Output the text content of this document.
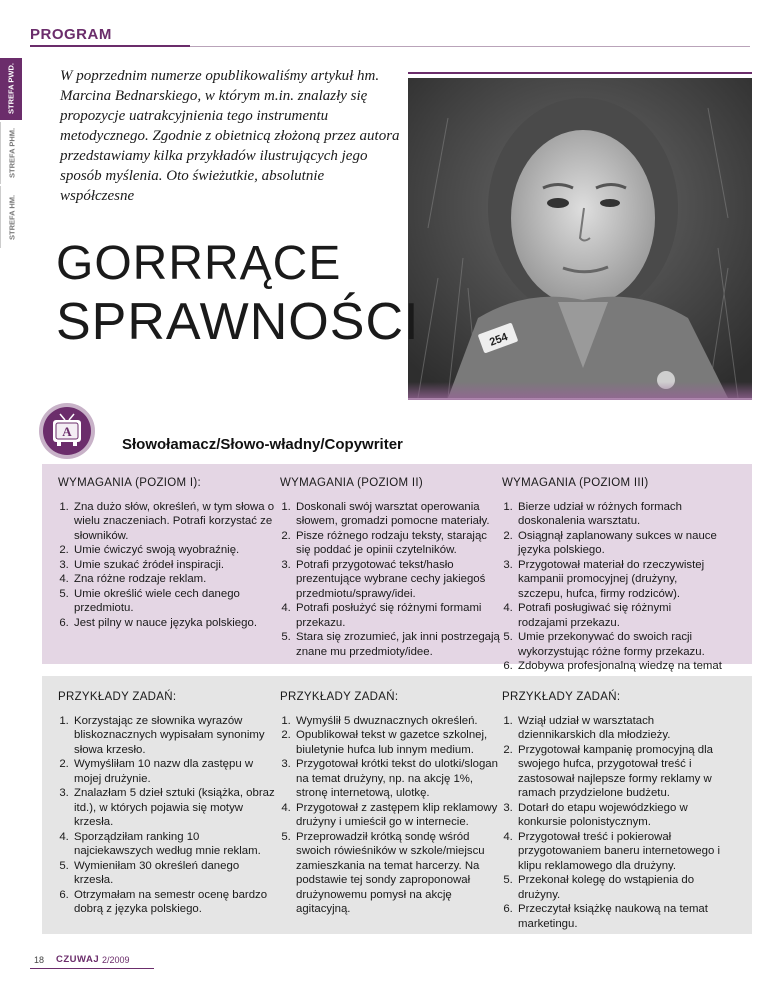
PROGRAM
STREFA PWD.
STREFA PHM.
STREFA HM.
W poprzednim numerze opublikowaliśmy artykuł hm. Marcina Bednarskiego, w którym m.in. znalazły się propozycje uatrakcyjnienia tego instrumentu metodycznego. Zgodnie z obietnicą złożoną przez autora przedstawiamy kilka przykładów ilustrujących jego sposób myślenia. Oto świeżutkie, absolutnie współczesne
254
GORRRĄCE
SPRAWNOŚCI
A
Słowołamacz/Słowo-władny/Copywriter
WYMAGANIA (POZIOM I):
1. Zna dużo słów, określeń, w tym słowa o wielu znaczeniach. Potrafi korzystać ze słowników.
2. Umie ćwiczyć swoją wyobraźnię.
3. Umie szukać źródeł inspiracji.
4. Zna różne rodzaje reklam.
5. Umie określić wiele cech danego przedmiotu.
6. Jest pilny w nauce języka polskiego.
WYMAGANIA (POZIOM II)
1. Doskonali swój warsztat operowania słowem, gromadzi pomocne materiały.
2. Pisze różnego rodzaju teksty, starając się poddać je opinii czytelników.
3. Potrafi przygotować tekst/hasło prezentujące wybrane cechy jakiegoś przedmiotu/sprawy/idei.
4. Potrafi posłużyć się różnymi formami przekazu.
5. Stara się zrozumieć, jak inni postrzegają znane mu przedmioty/idee.
WYMAGANIA (POZIOM III)
1. Bierze udział w różnych formach doskonalenia warsztatu.
2. Osiągnął zaplanowany sukces w nauce języka polskiego.
3. Przygotował materiał do rzeczywistej kampanii promocyjnej (drużyny, szczepu, hufca, firmy rodziców).
4. Potrafi posługiwać się różnymi rodzajami przekazu.
5. Umie przekonywać do swoich racji wykorzystując różne formy przekazu.
6. Zdobywa profesjonalną wiedzę na temat
PRZYKŁADY ZADAŃ:
1. Korzystając ze słownika wyrazów bliskoznacznych wypisałam synonimy słowa krzesło.
2. Wymyśliłam 10 nazw dla zastępu w mojej drużynie.
3. Znalazłam 5 dzieł sztuki (książka, obraz itd.), w których pojawia się motyw krzesła.
4. Sporządziłam ranking 10 najciekawszych według mnie reklam.
5. Wymieniłam 30 określeń danego krzesła.
6. Otrzymałam na semestr ocenę bardzo dobrą z języka polskiego.
PRZYKŁADY ZADAŃ:
1. Wymyślił 5 dwuznacznych określeń.
2. Opublikował tekst w gazetce szkolnej, biuletynie hufca lub innym medium.
3. Przygotował krótki tekst do ulotki/slogan na temat drużyny, np. na akcję 1%, stronę internetową, ulotkę.
4. Przygotował z zastępem klip reklamowy drużyny i umieścił go w internecie.
5. Przeprowadził krótką sondę wśród swoich rówieśników w szkole/miejscu zamieszkania na temat harcerzy. Na podstawie tej sondy zaproponował drużynowemu pomysł na akcję agitacyjną.
PRZYKŁADY ZADAŃ:
1. Wziął udział w warsztatach dziennikarskich dla młodzieży.
2. Przygotował kampanię promocyjną dla swojego hufca, przygotował treść i zastosował najlepsze formy reklamy w ramach przydzielone budżetu.
3. Dotarł do etapu wojewódzkiego w konkursie polonistycznym.
4. Przygotował treść i pokierował przygotowaniem baneru internetowego i klipu reklamowego dla drużyny.
5. Przekonał kolegę do wstąpienia do drużyny.
6. Przeczytał książkę naukową na temat marketingu.
18 CZUWAJ 2/2009
